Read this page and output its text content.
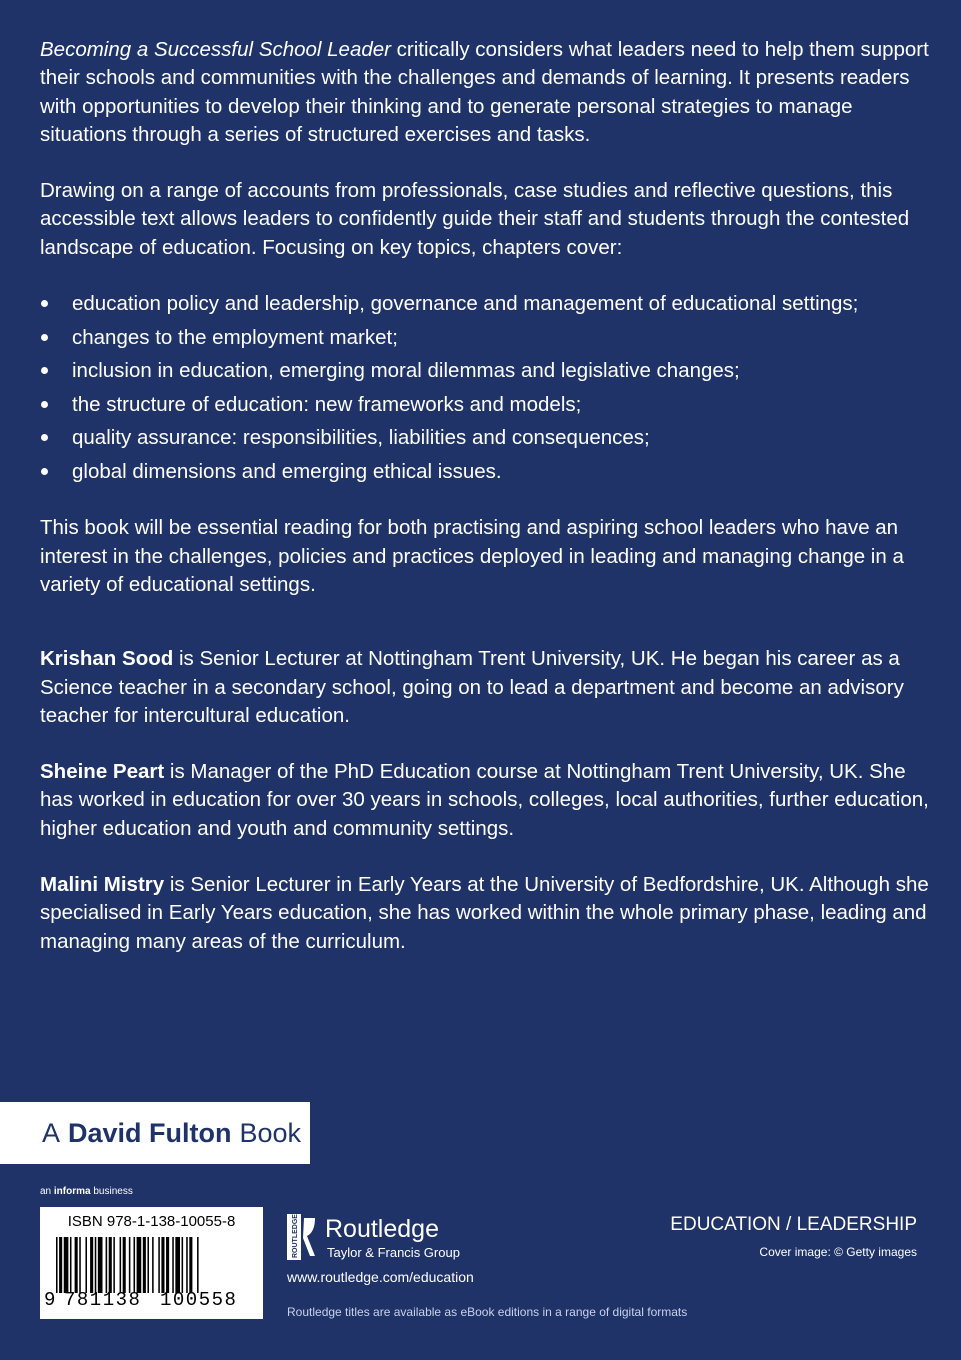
Becoming a Successful School Leader critically considers what leaders need to help them support their schools and communities with the challenges and demands of learning. It presents readers with opportunities to develop their thinking and to generate personal strategies to manage situations through a series of structured exercises and tasks.

Drawing on a range of accounts from professionals, case studies and reflective questions, this accessible text allows leaders to confidently guide their staff and students through the contested landscape of education. Focusing on key topics, chapters cover:

education policy and leadership, governance and management of educational settings;
changes to the employment market;
inclusion in education, emerging moral dilemmas and legislative changes;
the structure of education: new frameworks and models;
quality assurance: responsibilities, liabilities and consequences;
global dimensions and emerging ethical issues.

This book will be essential reading for both practising and aspiring school leaders who have an interest in the challenges, policies and practices deployed in leading and managing change in a variety of educational settings.

Krishan Sood is Senior Lecturer at Nottingham Trent University, UK. He began his career as a Science teacher in a secondary school, going on to lead a department and become an advisory teacher for intercultural education.

Sheine Peart is Manager of the PhD Education course at Nottingham Trent University, UK. She has worked in education for over 30 years in schools, colleges, local authorities, further education, higher education and youth and community settings.

Malini Mistry is Senior Lecturer in Early Years at the University of Bedfordshire, UK. Although she specialised in Early Years education, she has worked within the whole primary phase, leading and managing many areas of the curriculum.

A David Fulton Book
an informa business
ISBN 978-1-138-10055-8
9 781138 100558
ROUTLEDGE Routledge
Taylor & Francis Group
www.routledge.com/education
Routledge titles are available as eBook editions in a range of digital formats
EDUCATION / LEADERSHIP
Cover image: © Getty images
